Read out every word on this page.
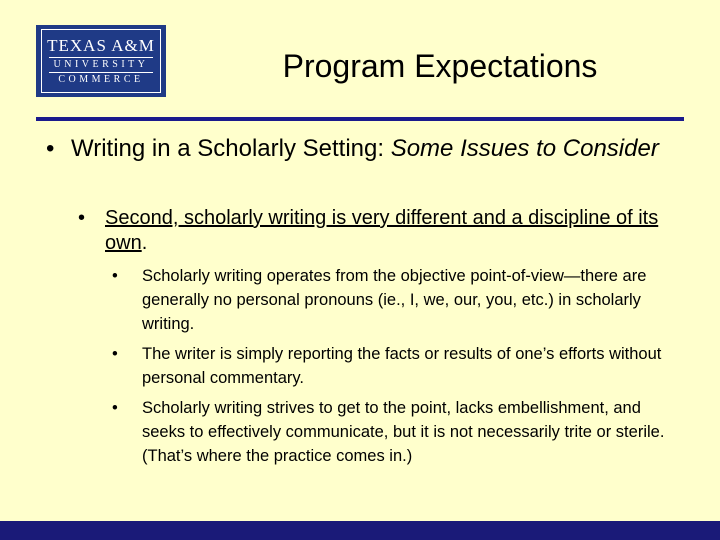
TEXAS A&M
UNIVERSITY
COMMERCE	Program Expectations
• Writing in a Scholarly Setting: Some Issues to Consider
• Second, scholarly writing is very different and a discipline of its own.
•	Scholarly writing operates from the objective point-of-view—there are generally no personal pronouns (ie., I, we, our, you, etc.) in scholarly writing.
•	The writer is simply reporting the facts or results of one’s efforts without personal commentary.
•	Scholarly writing strives to get to the point, lacks embellishment, and seeks to effectively communicate, but it is not necessarily trite or sterile. (That’s where the practice comes in.)
